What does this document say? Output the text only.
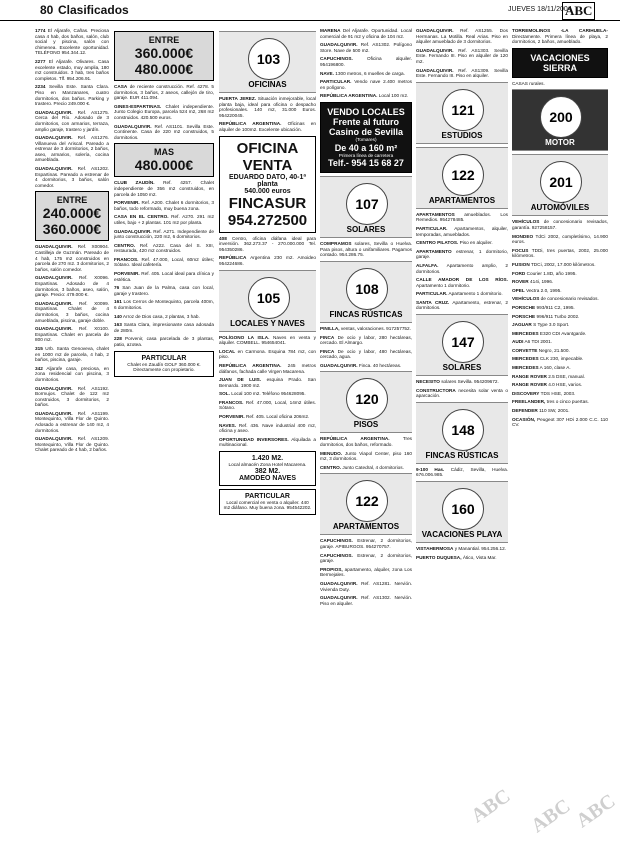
80 Clasificados	JUEVES 18/11/2004
ABC
1774 El Aljarafe, Cañas. Preciosa casa 4 hab, dos baños, salón, club social y piscina, salón con chimenea. Excelente oportunidad. TELÉFONO 954.344.12.
2277 El Aljarafe. Olivares. Casa excelente estado, muy amplia, 180 m2 construidos. 3 hab, tres baños completos. Tlf. 954.206.91.
2234 Sevilla Este. Santa Clara. Piso en Manzanares, cuatro dormitorios, dos baños. Parking y trastero. Precio 249.000 €.
GUADALQUIVIR. Ref. AS1275. Cerca del Río. Adosado de 3 dormitorios, con armarios, terraza, amplio garaje, trastero y jardín.
GUADALQUIVIR. Ref. AS1276. Villanueva del Ariscal. Pareado a estrenar de 3 dormitorios, 2 baños, aseo, armarios, solería, cocina amueblada.
GUADALQUIVIR. Ref. AS1202. Espartinas. Pareado a estrenar de 4 dormitorios, 3 baños, salón comedor.
ENTRE
240.000€
360.000€
GUADALQUIVIR. Ref. X00904. Castilleja de Guzmán. Pareado de 4 hab, 175 m2 construidos en parcela de 270 m2. 3 dormitorios, 2 baños, salón comedor.
GUADALQUIVIR. Ref. X0096. Espartinas. Adosado de 4 dormitorios, 3 baños, aseo, salón, garaje. Precio: 479.000 €.
GUADALQUIVIR. Ref. X0099. Espartinas. Chalet de 4 dormitorios, 3 baños, cocina amueblada, piscina, garaje doble.
GUADALQUIVIR. Ref. X0100. Espartinas. Chalet en parcela de 800 m2.
315 Urb. Santa Genoveva, chalet en 1000 m2 de parcela, 4 hab, 2 baños, piscina, garaje.
342 Aljarafe casa, preciosa, en zona residencial con piscina, 3 dormitorios.
GUADALQUIVIR. Ref. AS1192. Bormujos. Chalet de 122 m2 construidos, 3 dormitorios, 2 baños.
GUADALQUIVIR. Ref. AS1199. Montequinto, Villa Flor de Quinto. Adosado a estrenar de 140 m2, 4 dormitorios.
GUADALQUIVIR. Ref. AS1209. Montequinto, Villa Flor de Quinto. Chalet pareado de 4 hab, 2 baños.
ENTRE
360.000€
480.000€
CASA de reciente construcción. Ref. 4278. 5 dormitorios, 3 baños, 2 aseos, callejón de tiro, garaje. EUR 411.094.
GINES-ESPARTINAS. Chalet independiente. Junto Colegio Europa, parcela 524 m2, 268 m2 construidos. 420.500 euros.
GUADALQUIVIR. Ref. AS1101. Sevilla Este. Continente. Casa de 220 m2 construidos, 5 dormitorios.
MAS
480.000€
CLUB ZAUDÍN. Ref. 4257. Chalet independiente de 356 m2 construidos, en parcela de 1050 m2.
PORVENIR. Ref. A200. Chalet 6 dormitorios, 3 baños, todo reformado, muy buena zona.
CASA EN EL CENTRO. Ref. A270. 291 m2 utiles, bajo + 2 plantas. 101 m2 por planta.
GUADALQUIVIR. Ref. A271. Independiente de junto construcción, 220 m2, 6 dormitorios.
CENTRO. Ref. A222. Casa del S. XIII, restaurada, 420 m2 construidos.
FRANCOS. Ref. 47.000, Local, 60m2 útiles; Sótano. Ideal cafetería.
PORVENIR. Ref. 405. Local ideal para clínica y estética.
76 San Juan de la Palma, casa con local, garaje y trastero.
161 Los Cerros de Montequinto, parcela 400m, 6 dormitorios.
140 Arroz de Dios casa, 2 plantas, 3 hab.
163 Santa Clara, impresionante casa adosada de 280m.
228 Porvenir, casa parcelada de 3 plantas, patio, azotea.
PARTICULAR
Chalet en Zaudín GOLF 360.000 €. Directamente con propietario.
103
OFICINAS
PUERTA JEREZ. Situación inmejorable, local planta baja, ideal para oficina o despacho profesionales. 140 m2, 31.000 Euros. 954220045.
REPÚBLICA ARGENTINA. Oficinas en alquiler de 100m2. Excelente ubicación.
OFICINA
VENTA
EDUARDO DATO, 40-1ª planta
540.000 euros
FINCASUR
954.272500
408 Centro, oficina diáfana ideal para inversión. 362.273.37 - 270.000.000 Tel. 954350286.
REPÚBLICA Argentina 230 m2. Amoideo 954224686.
105
LOCALES Y NAVES
POLÍGONO LA ISLA. Naves en venta y alquiler. COMBELL. 954654041.
LOCAL en Carmona. Esquina 784 m2, con piso.
REPÚBLICA ARGENTINA. 245 metros diáfanos, fachada calle Virgen Macarena.
JUAN DE LUIS. esquina Prado. San Bernardo. 1900 m2.
SOL. Local 100 m2. Teléfono 954628095.
FRANCOS. Ref. 47.000, Local, 14m2 útiles. Sótano.
PORVENIR. Ref. 405. Local oficina 206m2.
NAVES. Ref. 436. Nave industrial 400 m2, oficina y aseo.
OPORTUNIDAD INVERSORES. Alquilada a multinacional.
1.420 M2.
Local almacén Zona Hotel Macarena.
382 M2.
AMODEO NAVES
PARTICULAR
Local comercial en venta o alquiler. 440 m2 diáfano. Muy buena zona. 954542202.
MARENA Del Aljarafe. Oportunidad. Local comercial de 91 m2 y oficina de 104 m2.
GUADALQUIVIR. Ref. AS1302. Polígono Store. Nave de 500 m2.
CAPUCHINOS.	Oficina alquiler. 954196800.
NAVE. 1300 metros, 6 muelles de carga.
PARTICULAR. Vendo nave 2.400 metros en polígono.
REPÚBLICA ARGENTINA. Local 100 m2.
VENDO LOCALES
Frente al futuro
Casino de Sevilla
(Tomares)
De 40 a 160 m²
Primera línea de carretera
Telf.- 954 15 68 27
107
SOLARES
COMPRAMOS solares, Sevilla o Huelva. Para pisos, altura o unifamiliares. Pagamos contado. 954.286.75.
108
FINCAS RÚSTICAS
PINILLA, ventas, valoraciones. 917257752.
FINCA De ocio y labor, 280 hectáreas, cercado. El Almargo.
FINCA De ocio y labor, 480 hectáreas, cercado, agua.
GUADALQUIVIR. Finca. 40 hectáreas.
120
PISOS
REPÚBLICA ARGENTINA.	Tres dormitorios, dos baños, reformado.
MENUDO. Junto Viapol Center, piso 160 m2, 3 dormitorios.
CENTRO. Junto Catedral, 4 dormitorios.
122
APARTAMENTOS
CAPUCHINOS. Estrenar, 2 dormitorios, garaje. APIBURGOS. 954270757.
CAPUCHINOS. Estrenar, 2 dormitorios, garaje.
PROPIOS, apartamento, alquiler, zona Los Bermejales.
GUADALQUIVIR. Ref. AS1281. Nervión. Vivienda Duty.
GUADALQUIVIR. Ref. AS1302. Nervión. Piso en alquiler.
GUADALQUIVIR. Ref. AS1255. Dos Hermanas. La Motilla. Real Arias. Piso en alquiler amueblado de 3 dormitorios.
GUADALQUIVIR. Ref. AS1303. Sevilla Este. Fernando III. Piso en alquiler de 120 m2.
GUADALQUIVIR. Ref. AS1309. Sevilla Este. Fernando III. Piso en alquiler.
121
ESTUDIOS
122
APARTAMENTOS
APARTAMENTOS amueblados. Los Remedios. 954278485.
PARTICULAR. Apartamentos, alquiler, temporadas, amueblados.
CENTRO PILATOS. Piso en alquiler.
APARTAMENTO estrenar, 1 dormitorio, garaje.
ALFALFA. Apartamento amplio, 2 dormitorios.
CALLE AMADOR DE LOS RÍOS. Apartamento 1 dormitorio.
PARTICULAR. Apartamento 1 dormitorio.
SANTA CRUZ. Apartamento, estrenar, 2 dormitorios.
147
SOLARES
NECESITO solares Sevilla. 954209672.
CONSTRUCTORA necesita solar venta o aparcación.
148
FINCAS RÚSTICAS
9-100 Has. Cádiz, Sevilla, Huelva. 676.006.985.
160
VACACIONES PLAYA
VISTAHERMOSA y Manantial. 954.256.12.
PUERTO DUQUESA, Ático, Vista Mar.
TORREMOLINOS -LA CARIHUELA- Directamente. Primera línea de playa, 2 dormitorios, 2 baños, amueblado.
VACACIONES SIERRA
CASAS rurales.
200
MOTOR
201
AUTOMÓVILES
VEHÍCULOS de concesionario revisados, garantía. 927258157.
MONDEO TdCi 2002, completísimo, 14.900 euros.
FOCUS TDDi, tres puertas, 2002, 25.000 kilómetros.
FUSION TDCi, 2002, 17.000 kilómetros.
FORD Courier 1.8D, año 1995.
ROVER 414i, 1996.
OPEL Vectra 2.0, 1995.
VEHÍCULOS de concesionario revisados.
PORSCHE 993/911 C2, 1995.
PORSCHE 996/911 Turbo 2002.
JAGUAR S Type 3.0 Sport.
MERCEDES E320 CDI Avantgarde.
AUDI A6 TDI 2001.
CORVETTE Negro, 21.500.
MERCEDES CLK 230, impecable.
MERCEDES A 160, clase A.
RANGE ROVER 2.5 DSE, manual.
RANGE ROVER 4.0 HSE, varios.
DISCOVERY TDS HSE, 2003.
FREELANDER, tres o cinco puertas.
DEFENDER 110 SW, 2001.
OCASIÓN, Peugeot 307 HDi 2.000 C.C. 110 CV.
ABC ABC
ABC
